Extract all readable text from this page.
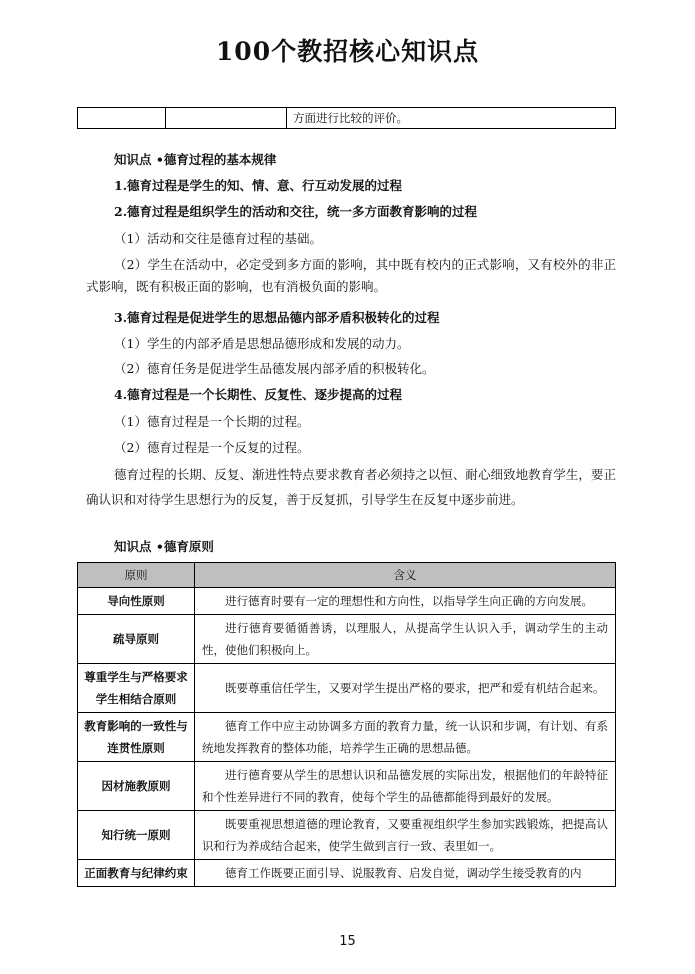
100个教招核心知识点
		方面进行比较的评价。

知识点 •德育过程的基本规律

1.德育过程是学生的知、情、意、行互动发展的过程

2.德育过程是组织学生的活动和交往，统一多方面教育影响的过程

（1）活动和交往是德育过程的基础。

（2）学生在活动中，必定受到多方面的影响，其中既有校内的正式影响，又有校外的非正式影响，既有积极正面的影响，也有消极负面的影响。

3.德育过程是促进学生的思想品德内部矛盾积极转化的过程

（1）学生的内部矛盾是思想品德形成和发展的动力。

（2）德育任务是促进学生品德发展内部矛盾的积极转化。

4.德育过程是一个长期性、反复性、逐步提高的过程

（1）德育过程是一个长期的过程。

（2）德育过程是一个反复的过程。

德育过程的长期、反复、渐进性特点要求教育者必须持之以恒、耐心细致地教育学生，要正确认识和对待学生思想行为的反复，善于反复抓，引导学生在反复中逐步前进。

知识点 •德育原则

原则	含义
导向性原则	进行德育时要有一定的理想性和方向性，以指导学生向正确的方向发展。
疏导原则	进行德育要循循善诱，以理服人，从提高学生认识入手，调动学生的主动性，使他们积极向上。
尊重学生与严格要求学生相结合原则	既要尊重信任学生，又要对学生提出严格的要求，把严和爱有机结合起来。
教育影响的一致性与连贯性原则	德育工作中应主动协调多方面的教育力量，统一认识和步调，有计划、有系统地发挥教育的整体功能，培养学生正确的思想品德。
因材施教原则	进行德育要从学生的思想认识和品德发展的实际出发，根据他们的年龄特征和个性差异进行不同的教育，使每个学生的品德都能得到最好的发展。
知行统一原则	既要重视思想道德的理论教育，又要重视组织学生参加实践锻炼，把提高认识和行为养成结合起来，使学生做到言行一致、表里如一。
正面教育与纪律约束	德育工作既要正面引导、说服教育、启发自觉，调动学生接受教育的内
15
